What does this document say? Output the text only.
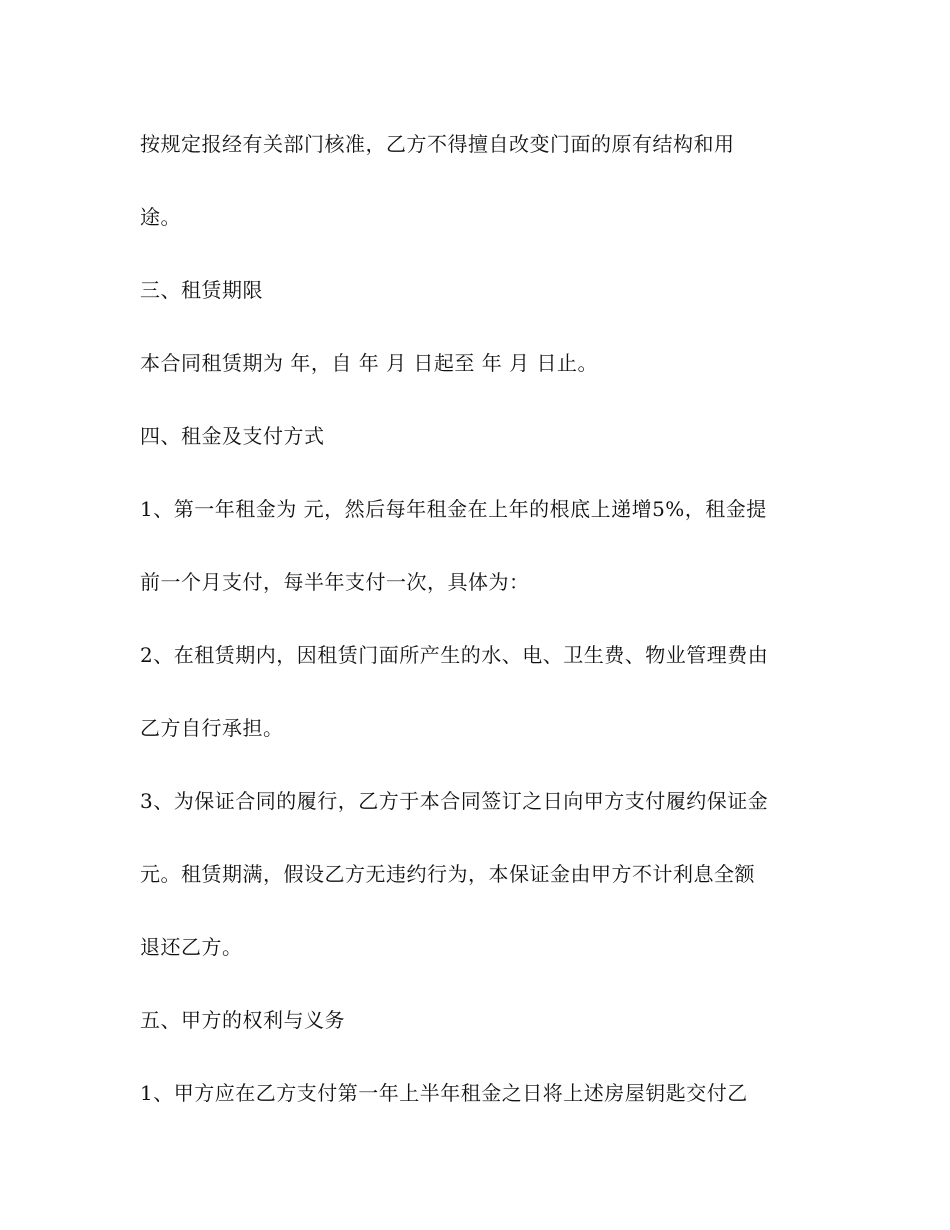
按规定报经有关部门核准，乙方不得擅自改变门面的原有结构和用
途。
三、租赁期限
本合同租赁期为 年，自 年 月 日起至 年 月 日止。
四、租金及支付方式
1、第一年租金为 元，然后每年租金在上年的根底上递增5%，租金提
前一个月支付，每半年支付一次，具体为：
2、在租赁期内，因租赁门面所产生的水、电、卫生费、物业管理费由
乙方自行承担。
3、为保证合同的履行，乙方于本合同签订之日向甲方支付履约保证金
元。租赁期满，假设乙方无违约行为，本保证金由甲方不计利息全额
退还乙方。
五、甲方的权利与义务
1、甲方应在乙方支付第一年上半年租金之日将上述房屋钥匙交付乙
